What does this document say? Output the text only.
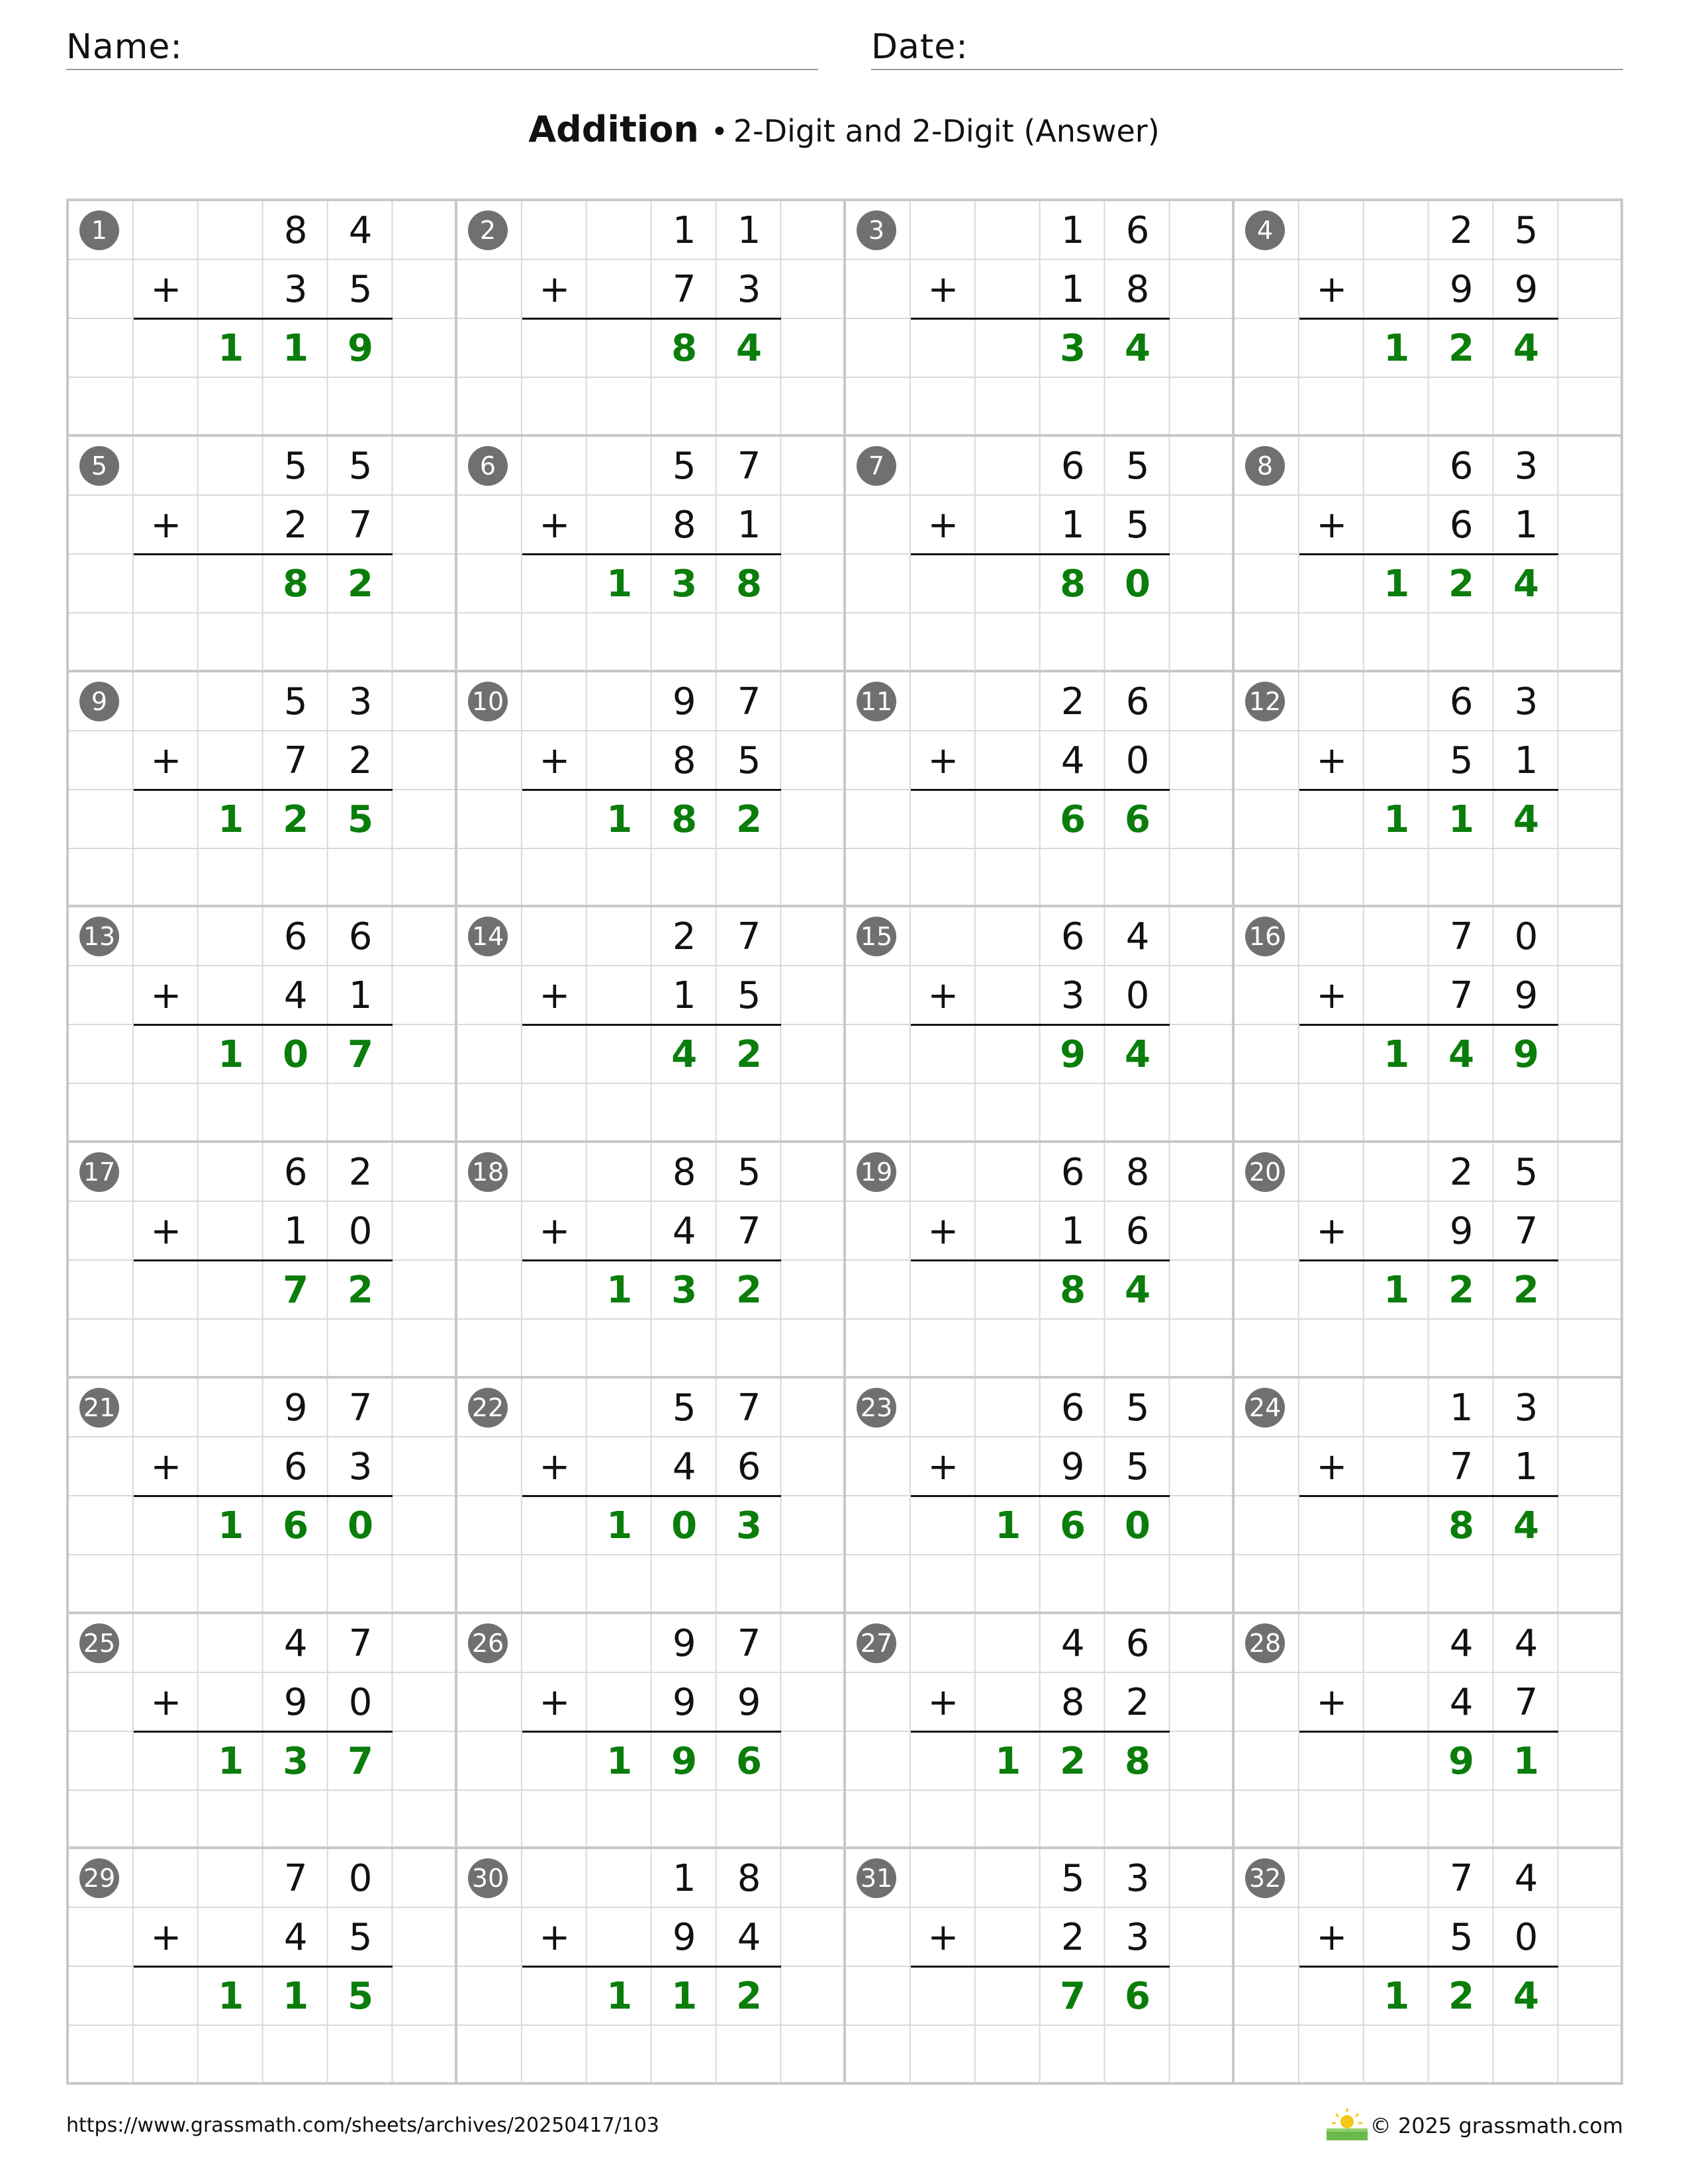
Name:	Date:
Addition • 2-Digit and 2-Digit (Answer)
1	8	4
+	3	5
1	1	9
2	1	1
+	7	3
8	4
3	1	6
+	1	8
3	4
4	2	5
+	9	9
1	2	4
5	5	5
+	2	7
8	2
6	5	7
+	8	1
1	3	8
7	6	5
+	1	5
8	0
8	6	3
+	6	1
1	2	4
9	5	3
+	7	2
1	2	5
10	9	7
+	8	5
1	8	2
11	2	6
+	4	0
6	6
12	6	3
+	5	1
1	1	4
13	6	6
+	4	1
1	0	7
14	2	7
+	1	5
4	2
15	6	4
+	3	0
9	4
16	7	0
+	7	9
1	4	9
17	6	2
+	1	0
7	2
18	8	5
+	4	7
1	3	2
19	6	8
+	1	6
8	4
20	2	5
+	9	7
1	2	2
21	9	7
+	6	3
1	6	0
22	5	7
+	4	6
1	0	3
23	6	5
+	9	5
1	6	0
24	1	3
+	7	1
8	4
25	4	7
+	9	0
1	3	7
26	9	7
+	9	9
1	9	6
27	4	6
+	8	2
1	2	8
28	4	4
+	4	7
9	1
29	7	0
+	4	5
1	1	5
30	1	8
+	9	4
1	1	2
31	5	3
+	2	3
7	6
32	7	4
+	5	0
1	2	4
https://www.grassmath.com/sheets/archives/20250417/103	© 2025 grassmath.com
